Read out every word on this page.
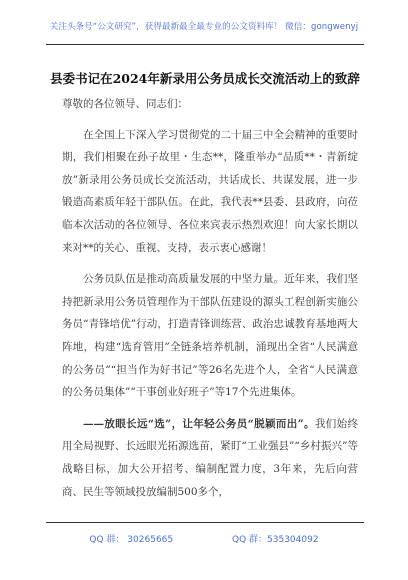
关注头条号“公文研究”，获得最新最全最专业的公文资料库！ 微信：gongwenyj
县委书记在2024年新录用公务员成长交流活动上的致辞

尊敬的各位领导、同志们：

在全国上下深入学习贯彻党的二十届三中全会精神的重要时期，我们相聚在孙子故里・生态**，隆重举办“品质**・青新绽放”新录用公务员成长交流活动，共话成长、共谋发展，进一步锻造高素质年轻干部队伍。在此，我代表**县委、县政府，向莅临本次活动的各位领导、各位来宾表示热烈欢迎！向大家长期以来对**的关心、重视、支持，表示衷心感谢！

公务员队伍是推动高质量发展的中坚力量。近年来，我们坚持把新录用公务员管理作为干部队伍建设的源头工程创新实施公务员“青锋培优”行动，打造青锋训练营、政治忠诚教育基地两大阵地，构建“选育管用”全链条培养机制，涌现出全省“人民满意的公务员”“担当作为好书记”等26名先进个人，全省“人民满意的公务员集体”“干事创业好班子”等17个先进集体。

——放眼长远“选”，让年轻公务员“脱颖而出”。我们始终用全局视野、长远眼光拓源选苗，紧盯“工业强县”“乡村振兴”等战略目标，加大公开招考、编制配置力度，3年来，先后向营商、民生等领域投放编制500多个，

QQ 群： 30265665	QQ 群：535304092
